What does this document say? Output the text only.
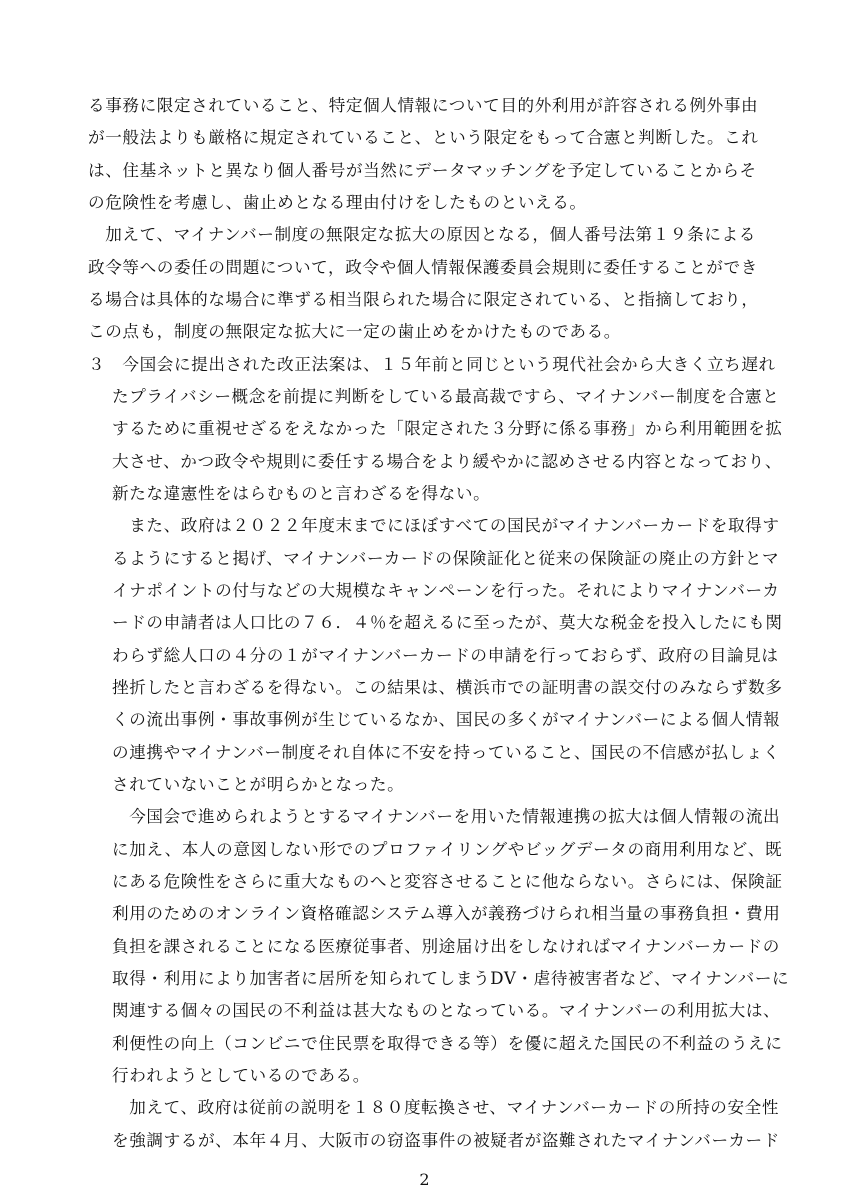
る事務に限定されていること、特定個人情報について目的外利用が許容される例外事由
が一般法よりも厳格に規定されていること、という限定をもって合憲と判断した。これ
は、住基ネットと異なり個人番号が当然にデータマッチングを予定していることからそ
の危険性を考慮し、歯止めとなる理由付けをしたものといえる。
　加えて、マイナンバー制度の無限定な拡大の原因となる，個人番号法第１９条による
政令等への委任の問題について，政令や個人情報保護委員会規則に委任することができ
る場合は具体的な場合に準ずる相当限られた場合に限定されている、と指摘しており，
この点も，制度の無限定な拡大に一定の歯止めをかけたものである。
３　今国会に提出された改正法案は、１５年前と同じという現代社会から大きく立ち遅れ
たプライバシー概念を前提に判断をしている最高裁ですら、マイナンバー制度を合憲と
するために重視せざるをえなかった「限定された３分野に係る事務」から利用範囲を拡
大させ、かつ政令や規則に委任する場合をより緩やかに認めさせる内容となっており、
新たな違憲性をはらむものと言わざるを得ない。
　また、政府は２０２２年度末までにほぼすべての国民がマイナンバーカードを取得す
るようにすると掲げ、マイナンバーカードの保険証化と従来の保険証の廃止の方針とマ
イナポイントの付与などの大規模なキャンペーンを行った。それによりマイナンバーカ
ードの申請者は人口比の７６．４％を超えるに至ったが、莫大な税金を投入したにも関
わらず総人口の４分の１がマイナンバーカードの申請を行っておらず、政府の目論見は
挫折したと言わざるを得ない。この結果は、横浜市での証明書の誤交付のみならず数多
くの流出事例・事故事例が生じているなか、国民の多くがマイナンバーによる個人情報
の連携やマイナンバー制度それ自体に不安を持っていること、国民の不信感が払しょく
されていないことが明らかとなった。
　今国会で進められようとするマイナンバーを用いた情報連携の拡大は個人情報の流出
に加え、本人の意図しない形でのプロファイリングやビッグデータの商用利用など、既
にある危険性をさらに重大なものへと変容させることに他ならない。さらには、保険証
利用のためのオンライン資格確認システム導入が義務づけられ相当量の事務負担・費用
負担を課されることになる医療従事者、別途届け出をしなければマイナンバーカードの
取得・利用により加害者に居所を知られてしまうDV・虐待被害者など、マイナンバーに
関連する個々の国民の不利益は甚大なものとなっている。マイナンバーの利用拡大は、
利便性の向上（コンビニで住民票を取得できる等）を優に超えた国民の不利益のうえに
行われようとしているのである。
　加えて、政府は従前の説明を１８０度転換させ、マイナンバーカードの所持の安全性
を強調するが、本年４月、大阪市の窃盗事件の被疑者が盗難されたマイナンバーカード
2
